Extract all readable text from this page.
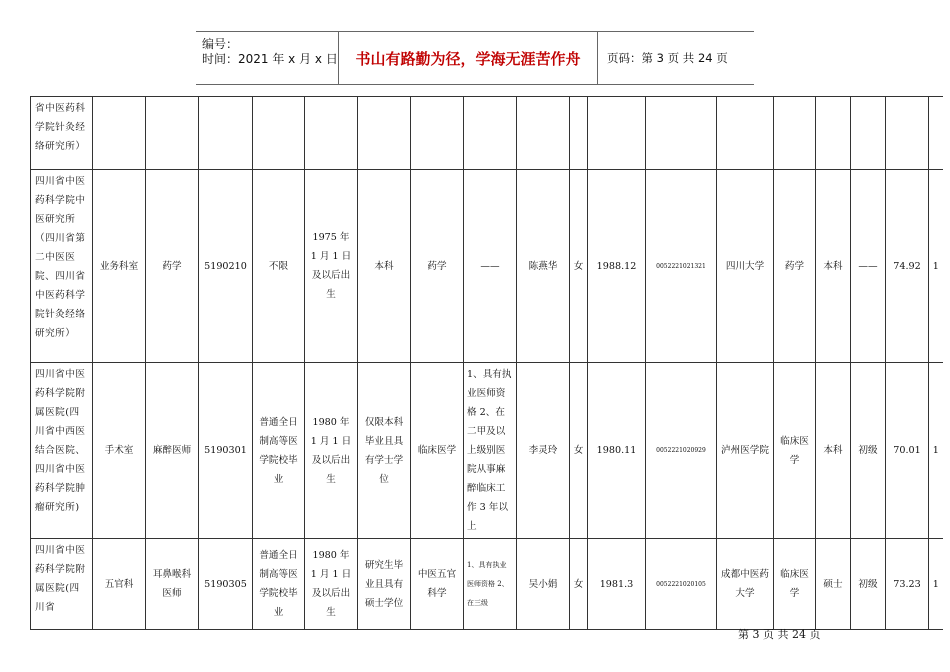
编号：
时间：2021 年 x 月 x 日	书山有路勤为径，学海无涯苦作舟	页码：第 3 页 共 24 页
省中医药科学院针灸经络研究所）																		
四川省中医药科学院中医研究所（四川省第二中医医院、四川省中医药科学院针灸经络研究所）	业务科室	药学	5190210	不限	1975 年 1 月 1 日及以后出生	本科	药学	——	陈燕华	女	1988.12	0052221021321	四川大学	药学	本科	——	74.92	1
四川省中医药科学院附属医院(四川省中西医结合医院、四川省中医药科学院肿瘤研究所)	手术室	麻醉医师	5190301	普通全日制高等医学院校毕业	1980 年 1 月 1 日及以后出生	仅限本科毕业且具有学士学位	临床医学	1、具有执业医师资格 2、在二甲及以上级别医院从事麻醉临床工作 3 年以上	李灵玲	女	1980.11	0052221020929	泸州医学院	临床医学	本科	初级	70.01	1
四川省中医药科学院附属医院(四川省	五官科	耳鼻喉科医师	5190305	普通全日制高等医学院校毕业	1980 年 1 月 1 日及以后出生	研究生毕业且具有硕士学位	中医五官科学	1、具有执业医师资格 2、在三级	吴小娟	女	1981.3	0052221020105	成都中医药大学	临床医学	硕士	初级	73.23	1
第 3 页 共 24 页
